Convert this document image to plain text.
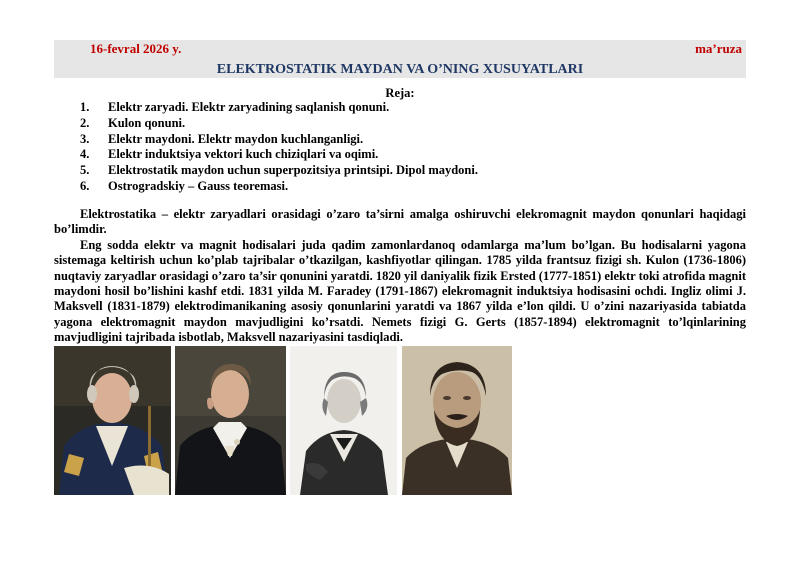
16-fevral 2026 y.	ma’ruza
ELEKTROSTATIK MAYDAN VA O’NING XUSUYATLARI
Reja:
1.	Elektr zaryadi. Elektr zaryadining saqlanish qonuni.
2.	Kulon qonuni.
3.	Elektr maydoni. Elektr maydon kuchlanganligi.
4.	Elektr induktsiya vektori kuch chiziqlari va oqimi.
5.	Elektrostatik maydon uchun superpozitsiya printsipi. Dipol maydoni.
6.	Ostrogradskiy – Gauss teoremasi.

Elektrostatika – elektr zaryadlari orasidagi o’zaro ta’sirni amalga oshiruvchi elekromagnit maydon qonunlari haqidagi bo’limdir.

Eng sodda elektr va magnit hodisalari juda qadim zamonlardanoq odamlarga ma’lum bo’lgan. Bu hodisalarni yagona sistemaga keltirish uchun ko’plab tajribalar o’tkazilgan, kashfiyotlar qilingan. 1785 yilda frantsuz fizigi sh. Kulon (1736-1806) nuqtaviy zaryadlar orasidagi o’zaro ta’sir qonunini yaratdi. 1820 yil daniyalik fizik Ersted (1777-1851) elektr toki atrofida magnit maydoni hosil bo’lishini kashf etdi. 1831 yilda M. Faradey (1791-1867) elekromagnit induktsiya hodisasini ochdi. Ingliz olimi J. Maksvell (1831-1879) elektrodimanikaning asosiy qonunlarini yaratdi va 1867 yilda e’lon qildi. U o’zini nazariyasida tabiatda yagona elektromagnit maydon mavjudligini ko’rsatdi. Nemets fizigi G. Gerts (1857-1894) elektromagnit to’lqinlarining mavjudligini tajribada isbotlab, Maksvell nazariyasini tasdiqladi.
